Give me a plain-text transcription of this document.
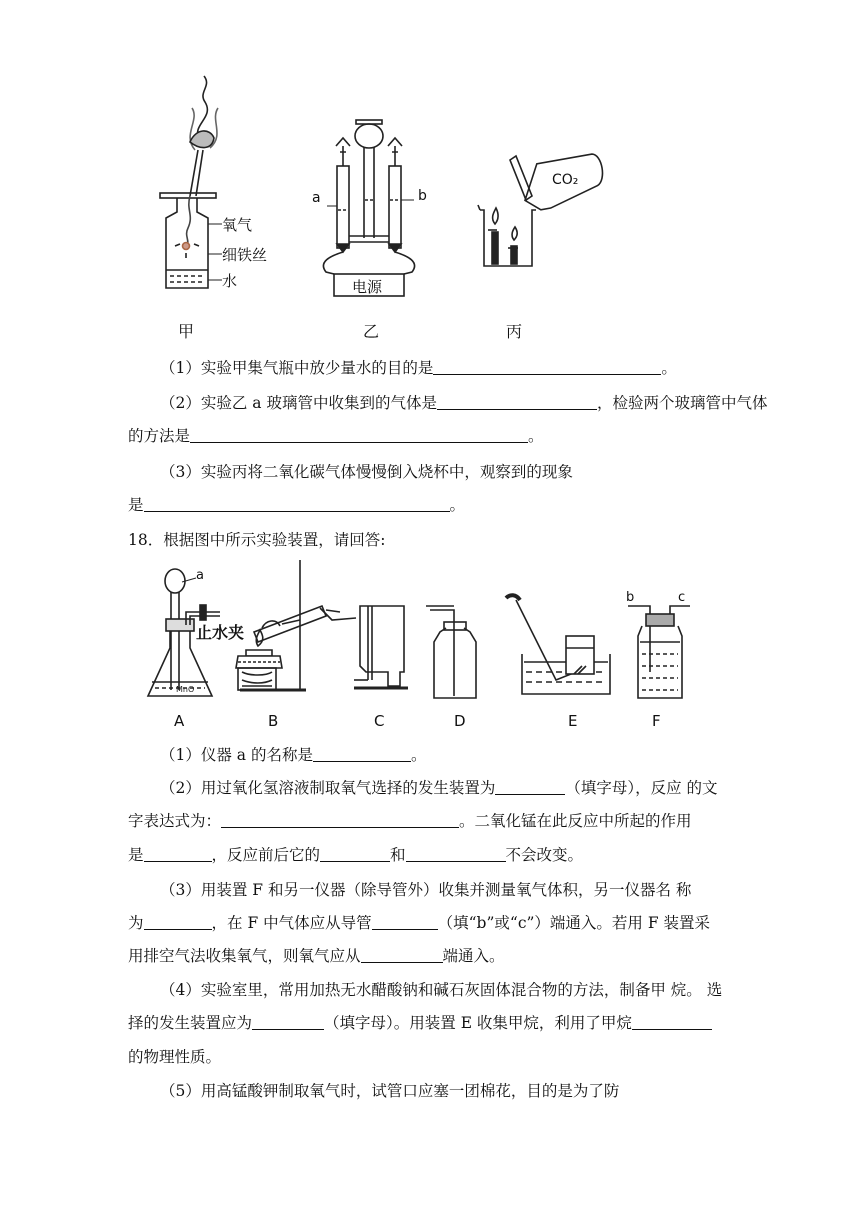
氧气
细铁丝
水
a	b
电源
CO₂
甲	乙	丙
（1）实验甲集气瓶中放少量水的目的是	。
（2）实验乙 a 玻璃管中收集到的气体是	，检验两个玻璃管中气体
的方法是	。
（3）实验丙将二氧化碳气体慢慢倒入烧杯中，观察到的现象
是	。
18．根据图中所示实验装置，请回答:
MnO
a
止水夹
b	c
A	B	C	D	E	F
（1）仪器 a 的名称是	。
（2）用过氧化氢溶液制取氧气选择的发生装置为	（填字母），反应 的文
字表达式为：	。二氧化锰在此反应中所起的作用
是	，反应前后它的	和	不会改变。
（3）用装置 F 和另一仪器（除导管外）收集并测量氧气体积，另一仪器名 称
为	，在 F 中气体应从导管	（填“b”或“c”）端通入。若用 F 装置采
用排空气法收集氧气，则氧气应从	端通入。
（4）实验室里，常用加热无水醋酸钠和碱石灰固体混合物的方法，制备甲 烷。 选
择的发生装置应为	（填字母）。用装置 E 收集甲烷，利用了甲烷
的物理性质。
（5）用高锰酸钾制取氧气时，试管口应塞一团棉花，目的是为了防
